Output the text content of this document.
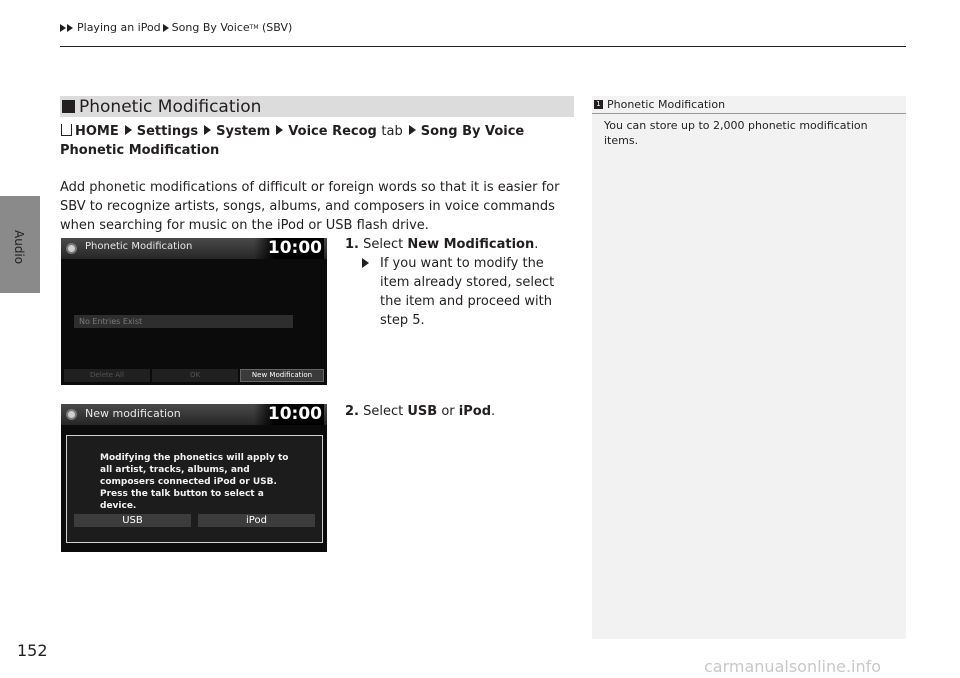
Playing an iPod Song By Voice TM
(SBV)
Audio
Phonetic Modification
HOME Settings System Voice Recog tab Song By Voice Phonetic Modification
Add phonetic modifications of difficult or foreign words so that it is easier for SBV to recognize artists, songs, albums, and composers in voice commands when searching for music on the iPod or USB flash drive.
1. Select New Modification.
If you want to modify the item already stored, select the item and proceed with step 5.
Phonetic Modification	10:00
No Entries Exist
Delete All	OK	New Modification
2. Select USB or iPod.
New modification	10:00
Modifying the phonetics will apply to all artist, tracks, albums, and composers connected iPod or USB. Press the talk button to select a device.
USB	iPod
1 Phonetic Modification
You can store up to 2,000 phonetic modification items.
152
carmanualsonline.info
